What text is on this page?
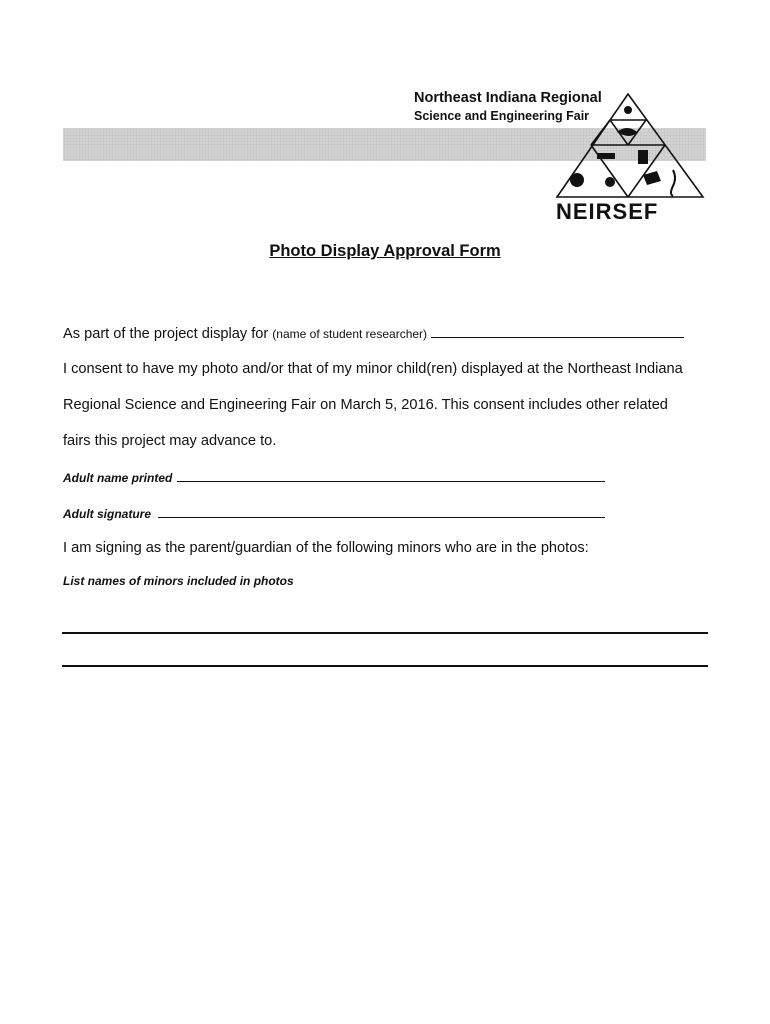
Northeast Indiana Regional
Science and Engineering Fair
NEIRSEF
Photo Display Approval Form
As part of the project display for (name of student researcher)
I consent to have my photo and/or that of my minor child(ren) displayed at the Northeast Indiana
Regional Science and Engineering Fair on March 5, 2016. This consent includes other related
fairs this project may advance to.
Adult name printed
Adult signature
I am signing as the parent/guardian of the following minors who are in the photos:
List names of minors included in photos
